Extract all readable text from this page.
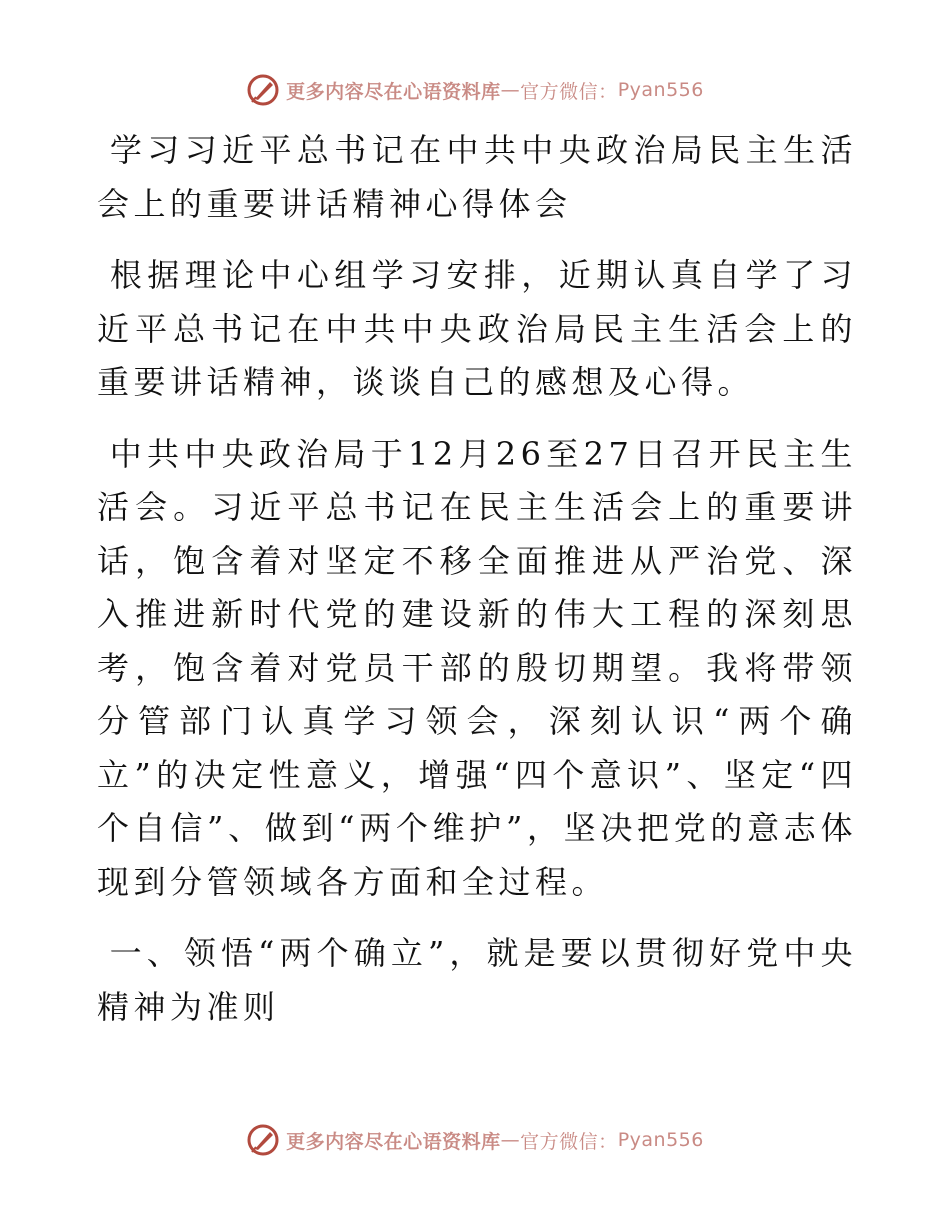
更多内容尽在心语资料库 — 官方微信： Pyan556

学习习近平总书记在中共中央政治局民主生活会上的重要讲话精神心得体会

根据理论中心组学习安排，近期认真自学了习近平总书记在中共中央政治局民主生活会上的重要讲话精神，谈谈自己的感想及心得。

中共中央政治局于12月26至27日召开民主生活会。习近平总书记在民主生活会上的重要讲话，饱含着对坚定不移全面推进从严治党、深入推进新时代党的建设新的伟大工程的深刻思考，饱含着对党员干部的殷切期望。我将带领分管部门认真学习领会，深刻认识“两个确立”的决定性意义，增强“四个意识”、坚定“四个自信”、做到“两个维护”，坚决把党的意志体现到分管领域各方面和全过程。

一、领悟“两个确立”，就是要以贯彻好党中央精神为准则

更多内容尽在心语资料库 — 官方微信： Pyan556
